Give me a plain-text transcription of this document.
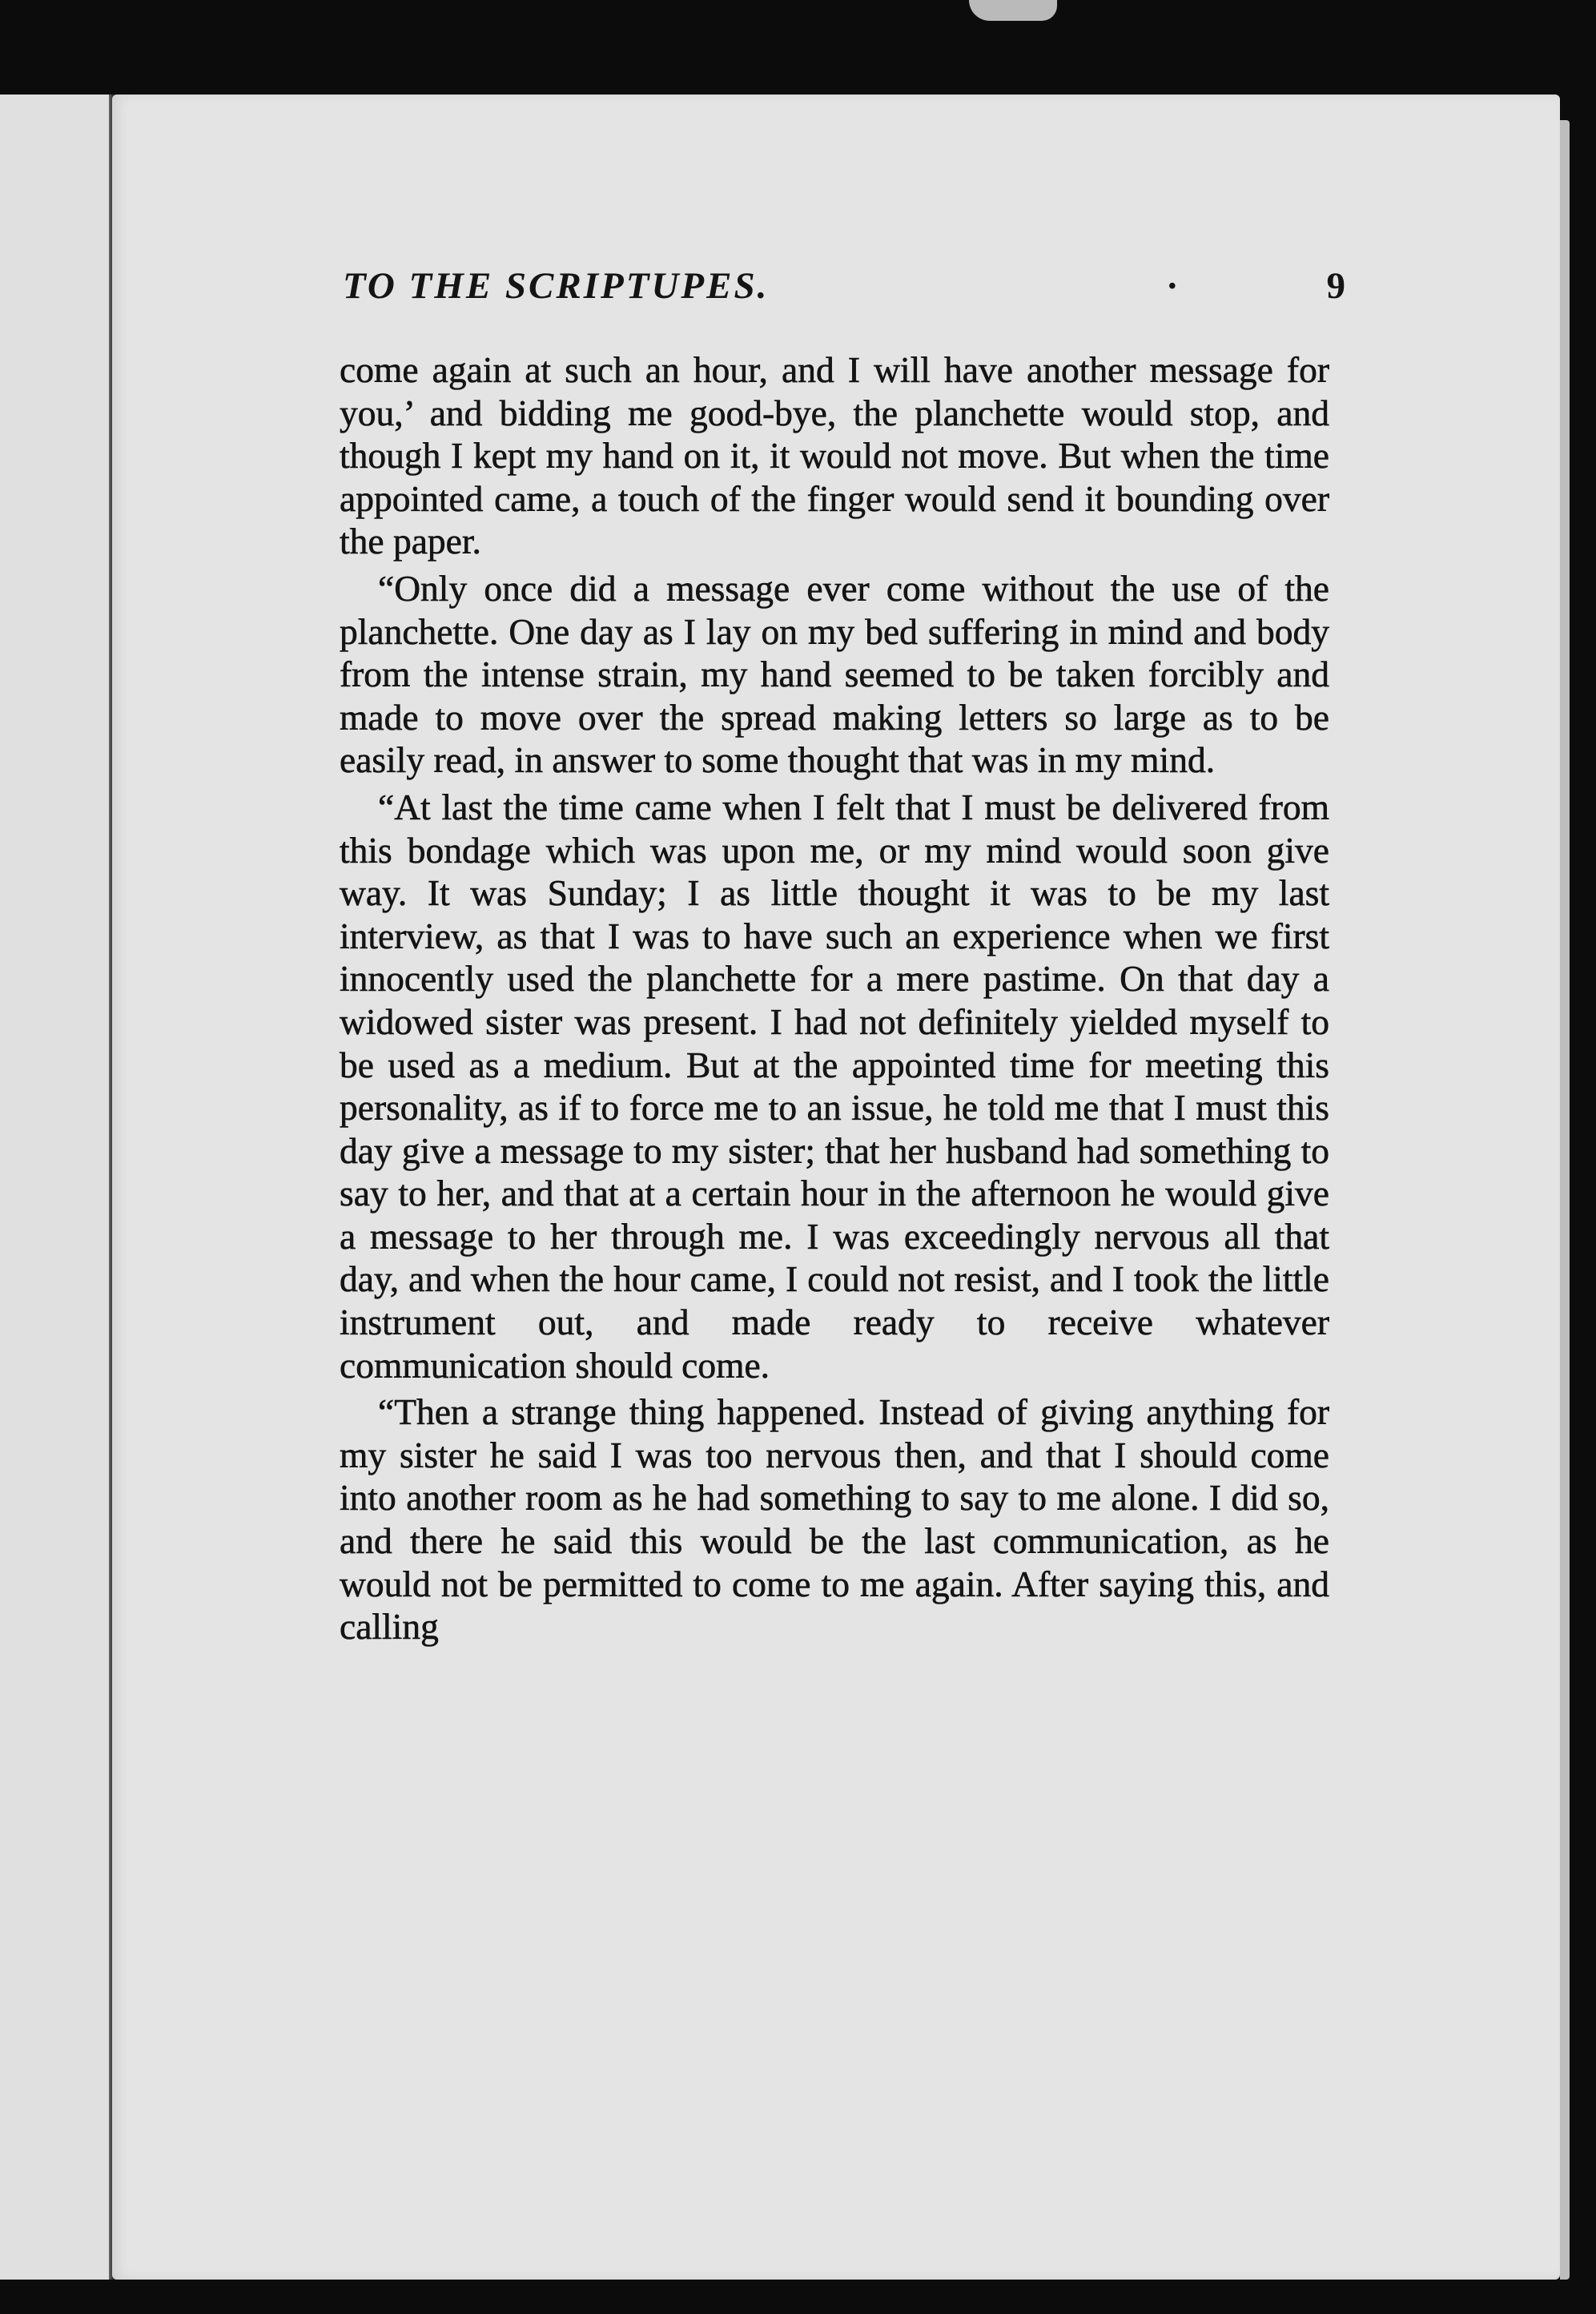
TO THE SCRIPTUPES.	·	9

come again at such an hour, and I will have another message for you,’ and bidding me good-bye, the planchette would stop, and though I kept my hand on it, it would not move. But when the time appointed came, a touch of the finger would send it bounding over the paper.

“Only once did a message ever come without the use of the planchette. One day as I lay on my bed suffering in mind and body from the intense strain, my hand seemed to be taken forcibly and made to move over the spread making letters so large as to be easily read, in answer to some thought that was in my mind.

“At last the time came when I felt that I must be delivered from this bondage which was upon me, or my mind would soon give way. It was Sunday; I as little thought it was to be my last interview, as that I was to have such an experience when we first innocently used the planchette for a mere pastime. On that day a widowed sister was present. I had not definitely yielded myself to be used as a medium. But at the appointed time for meeting this personality, as if to force me to an issue, he told me that I must this day give a message to my sister; that her husband had something to say to her, and that at a certain hour in the afternoon he would give a message to her through me. I was exceedingly nervous all that day, and when the hour came, I could not resist, and I took the little instrument out, and made ready to receive whatever communication should come.

“Then a strange thing happened. Instead of giving anything for my sister he said I was too nervous then, and that I should come into another room as he had something to say to me alone. I did so, and there he said this would be the last communication, as he would not be permitted to come to me again. After saying this, and calling
